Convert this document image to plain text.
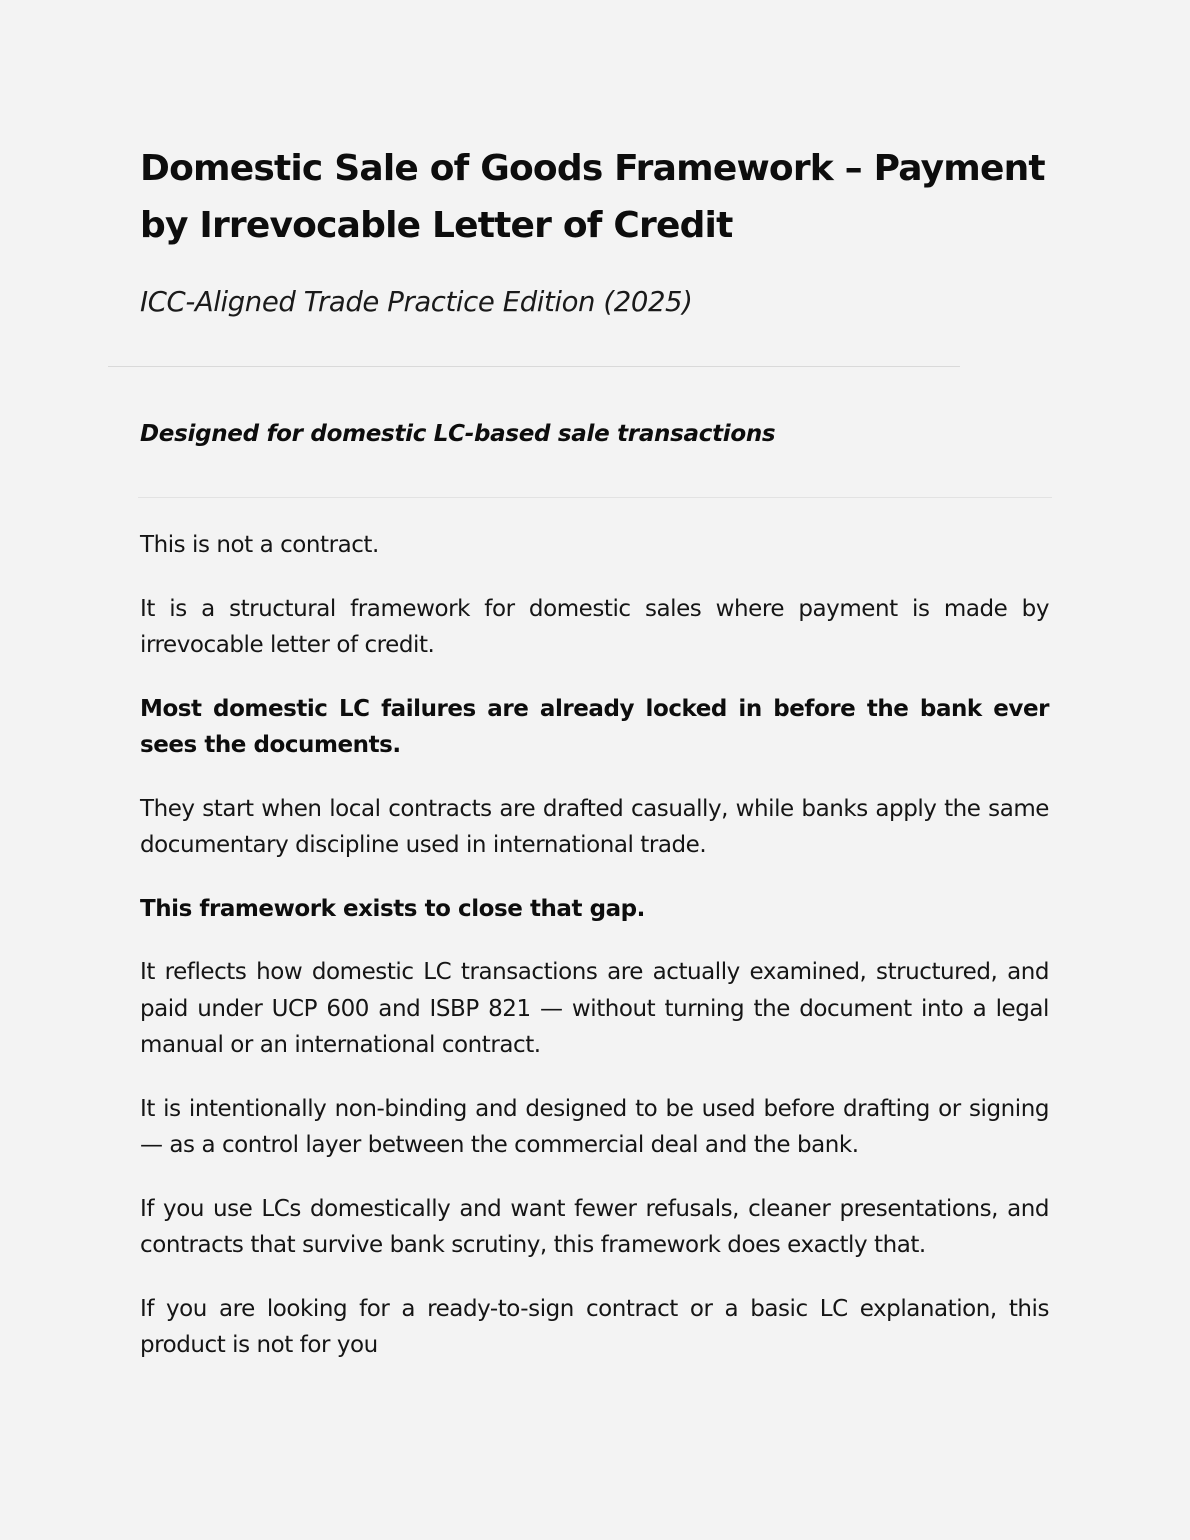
Domestic Sale of Goods Framework – Payment by Irrevocable Letter of Credit

ICC-Aligned Trade Practice Edition (2025)

Designed for domestic LC-based sale transactions

This is not a contract.

It is a structural framework for domestic sales where payment is made by irrevocable letter of credit.

Most domestic LC failures are already locked in before the bank ever sees the documents.

They start when local contracts are drafted casually, while banks apply the same documentary discipline used in international trade.

This framework exists to close that gap.

It reflects how domestic LC transactions are actually examined, structured, and paid under UCP 600 and ISBP 821 — without turning the document into a legal manual or an international contract.

It is intentionally non-binding and designed to be used before drafting or signing — as a control layer between the commercial deal and the bank.

If you use LCs domestically and want fewer refusals, cleaner presentations, and contracts that survive bank scrutiny, this framework does exactly that.

If you are looking for a ready-to-sign contract or a basic LC explanation, this product is not for you
